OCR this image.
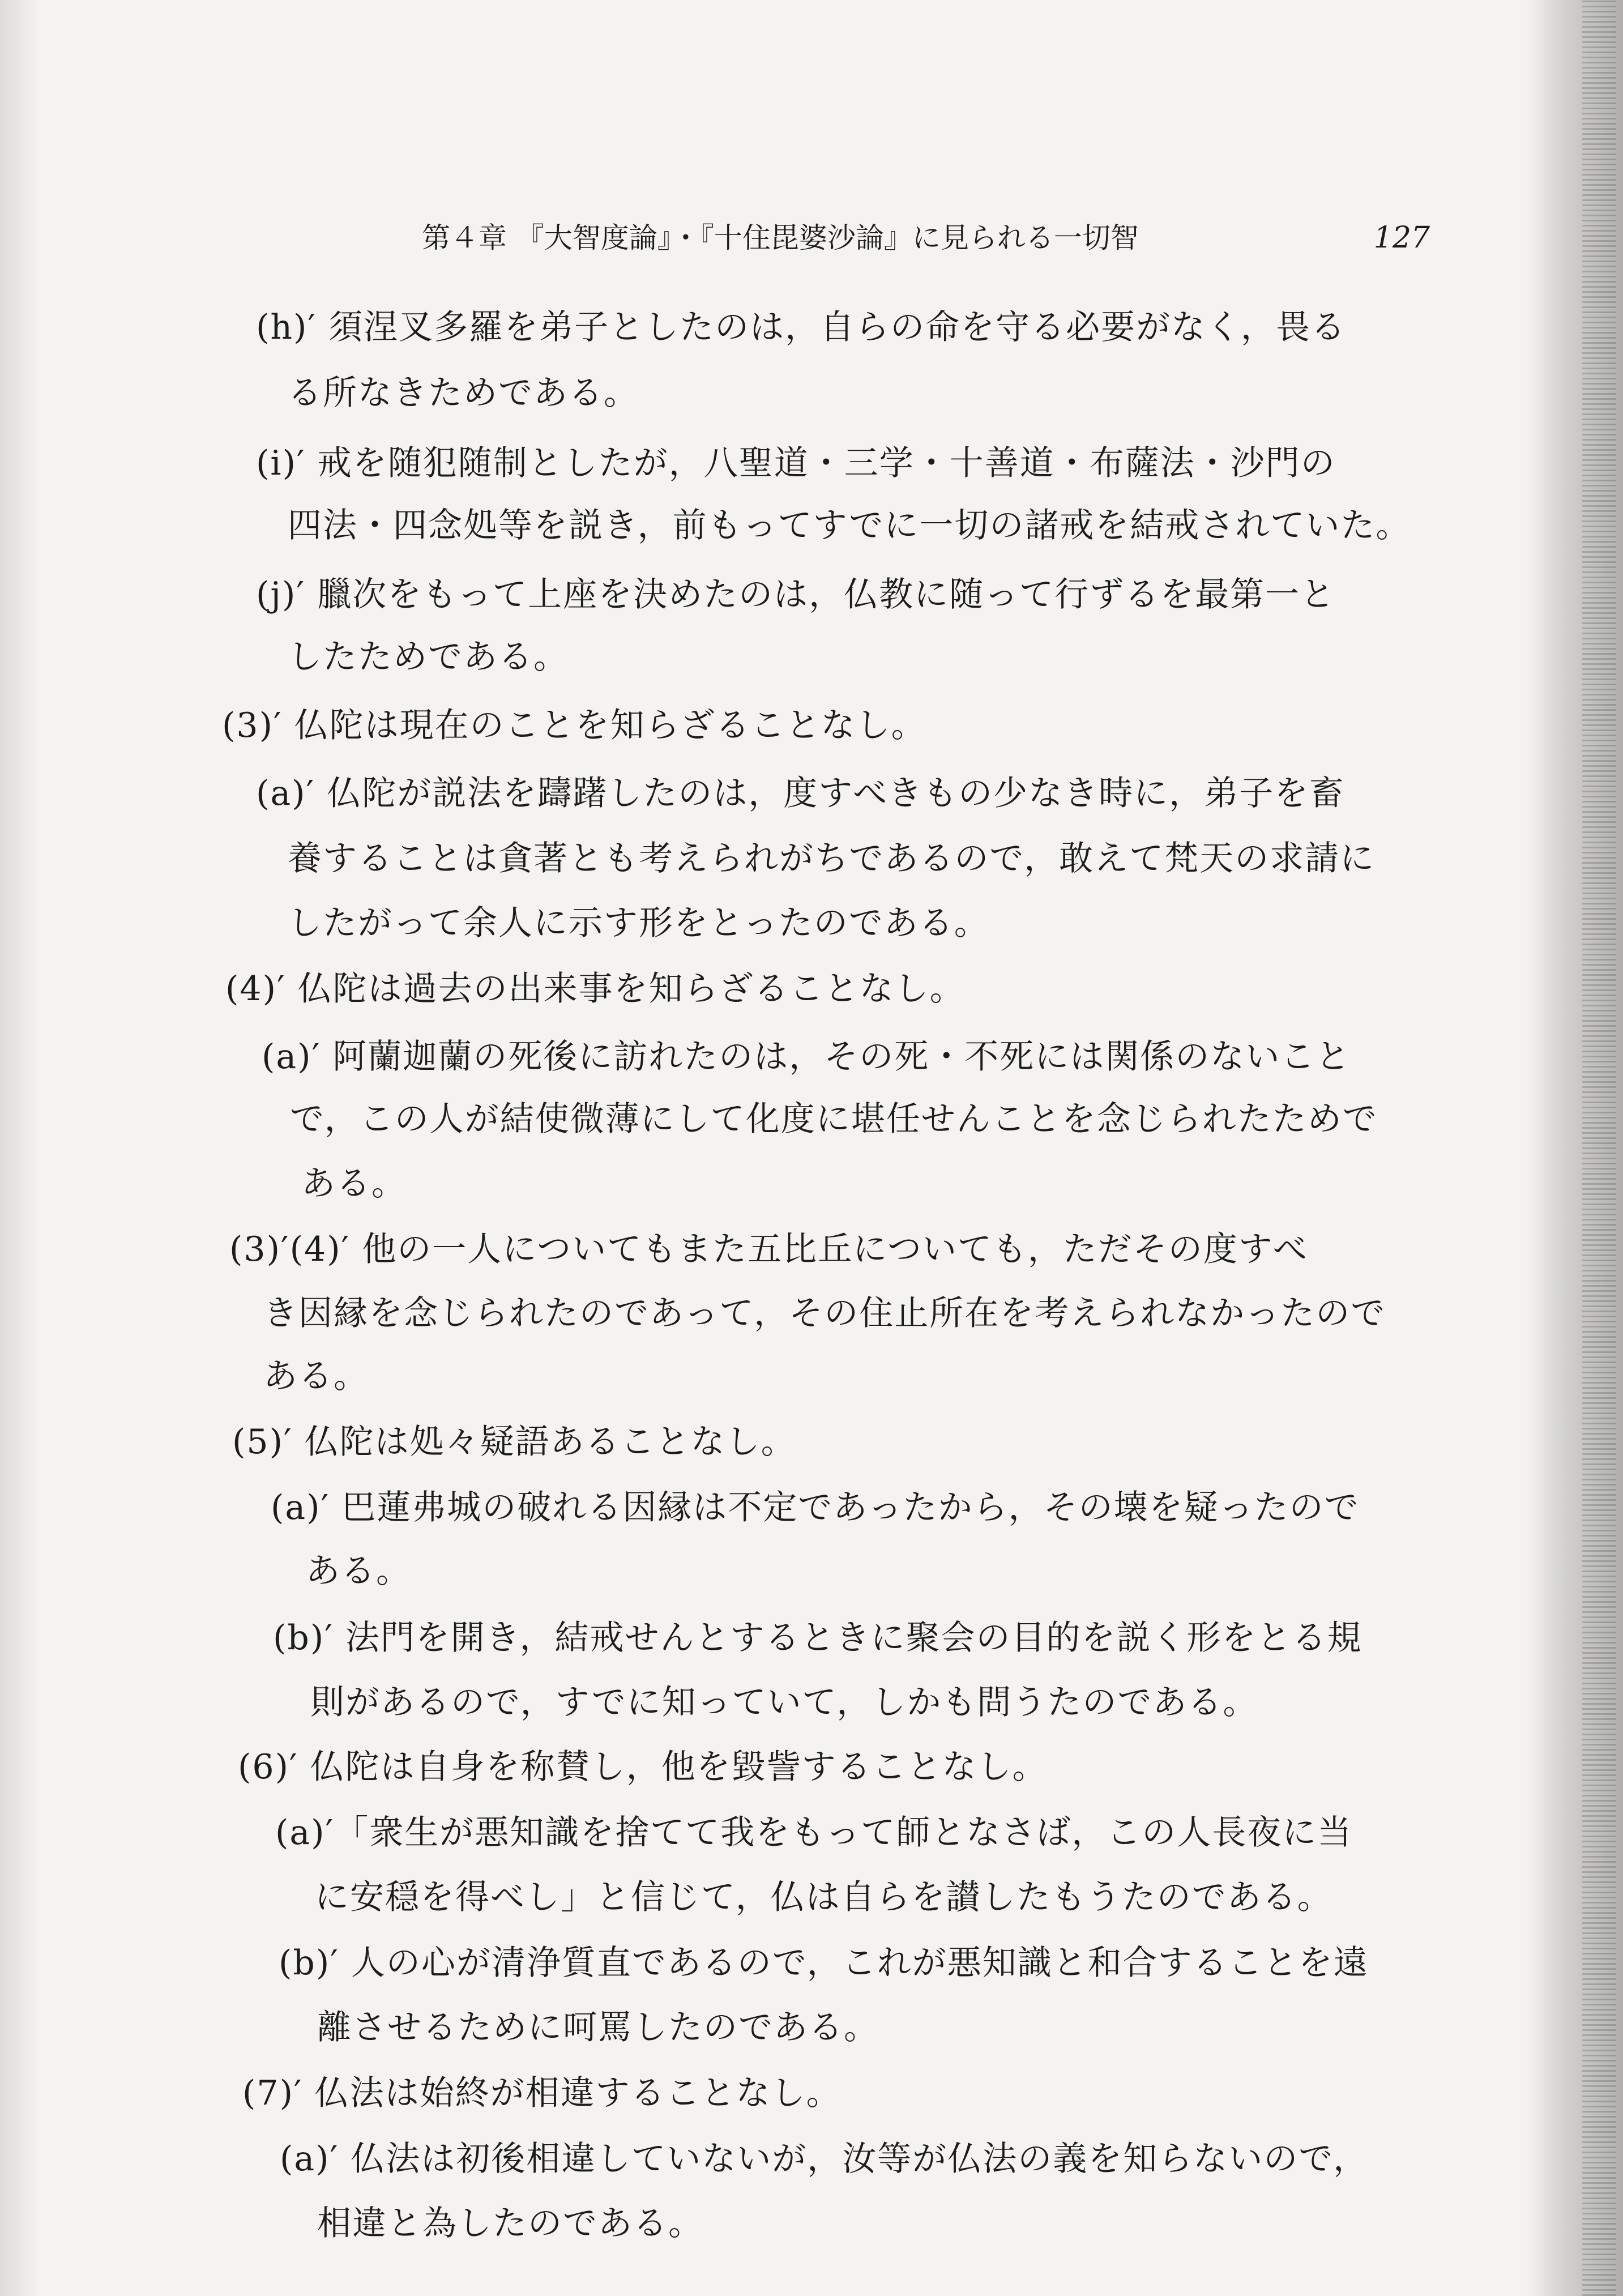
第４章 『大智度論』・『十住毘婆沙論』に見られる一切智	127
(h)′ 須涅叉多羅を弟子としたのは，自らの命を守る必要がなく，畏る
る所なきためである。
(i)′ 戒を随犯随制としたが，八聖道・三学・十善道・布薩法・沙門の
四法・四念処等を説き，前もってすでに一切の諸戒を結戒されていた。
(j)′ 臘次をもって上座を決めたのは，仏教に随って行ずるを最第一と
したためである。
(3)′ 仏陀は現在のことを知らざることなし。
(a)′ 仏陀が説法を躊躇したのは，度すべきもの少なき時に，弟子を畜
養することは貪著とも考えられがちであるので，敢えて梵天の求請に
したがって余人に示す形をとったのである。
(4)′ 仏陀は過去の出来事を知らざることなし。
(a)′ 阿蘭迦蘭の死後に訪れたのは，その死・不死には関係のないこと
で，この人が結使微薄にして化度に堪任せんことを念じられたためで
ある。
(3)′(4)′ 他の一人についてもまた五比丘についても，ただその度すべ
き因縁を念じられたのであって，その住止所在を考えられなかったので
ある。
(5)′ 仏陀は処々疑語あることなし。
(a)′ 巴蓮弗城の破れる因縁は不定であったから，その壊を疑ったので
ある。
(b)′ 法門を開き，結戒せんとするときに聚会の目的を説く形をとる規
則があるので，すでに知っていて，しかも問うたのである。
(6)′ 仏陀は自身を称賛し，他を毀訾することなし。
(a)′「衆生が悪知識を捨てて我をもって師となさば，この人長夜に当
に安穏を得べし」と信じて，仏は自らを讃したもうたのである。
(b)′ 人の心が清浄質直であるので，これが悪知識と和合することを遠
離させるために呵罵したのである。
(7)′ 仏法は始終が相違することなし。
(a)′ 仏法は初後相違していないが，汝等が仏法の義を知らないので，
相違と為したのである。
